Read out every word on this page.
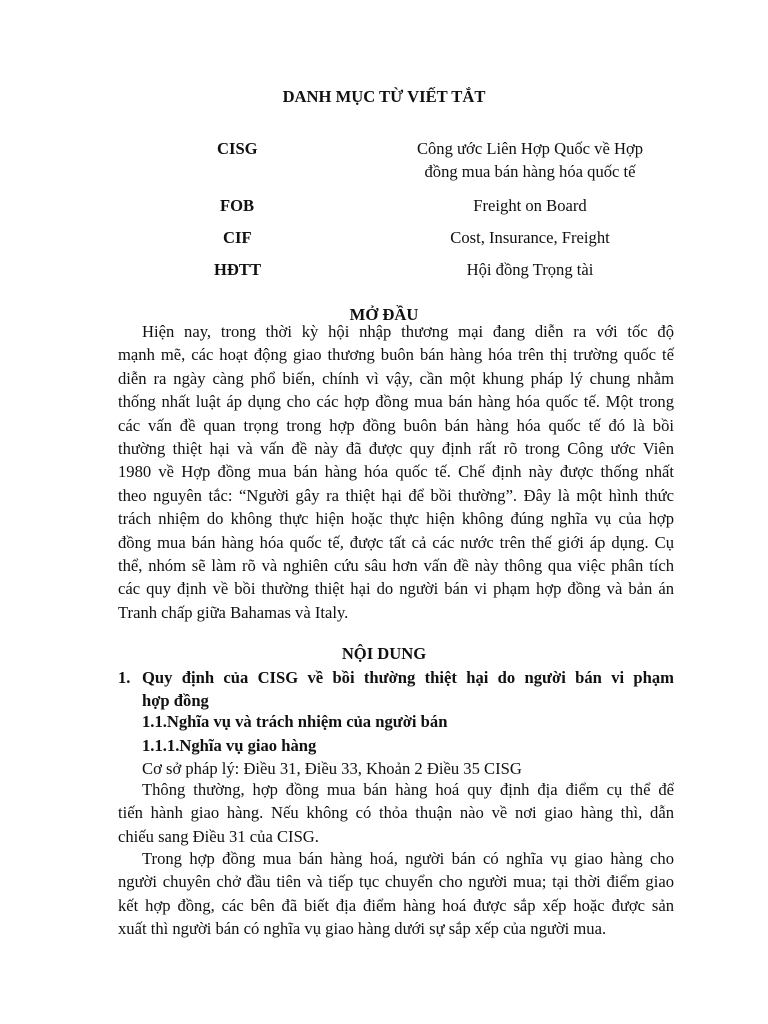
DANH MỤC TỪ VIẾT TẮT
CISG	Công ước Liên Hợp Quốc về Hợp
đồng mua bán hàng hóa quốc tế
FOB	Freight on Board
CIF	Cost, Insurance, Freight
HĐTT	Hội đồng Trọng tài
MỞ ĐẦU
Hiện nay, trong thời kỳ hội nhập thương mại đang diễn ra với tốc độ
mạnh mẽ, các hoạt động giao thương buôn bán hàng hóa trên thị trường quốc tế
diễn ra ngày càng phổ biến, chính vì vậy, cần một khung pháp lý chung nhằm
thống nhất luật áp dụng cho các hợp đồng mua bán hàng hóa quốc tế. Một trong
các vấn đề quan trọng trong hợp đồng buôn bán hàng hóa quốc tế đó là bồi
thường thiệt hại và vấn đề này đã được quy định rất rõ trong Công ước Viên
1980 về Hợp đồng mua bán hàng hóa quốc tế. Chế định này được thống nhất
theo nguyên tắc: “Người gây ra thiệt hại để bồi thường”. Đây là một hình thức
trách nhiệm do không thực hiện hoặc thực hiện không đúng nghĩa vụ của hợp
đồng mua bán hàng hóa quốc tế, được tất cả các nước trên thế giới áp dụng. Cụ
thể, nhóm sẽ làm rõ và nghiên cứu sâu hơn vấn đề này thông qua việc phân tích
các quy định về bồi thường thiệt hại do người bán vi phạm hợp đồng và bản án
Tranh chấp giữa Bahamas và Italy.
NỘI DUNG
1. Quy định của CISG về bồi thường thiệt hại do người bán vi phạm
hợp đồng
1.1.Nghĩa vụ và trách nhiệm của người bán
1.1.1.Nghĩa vụ giao hàng
Cơ sở pháp lý: Điều 31, Điều 33, Khoản 2 Điều 35 CISG
Thông thường, hợp đồng mua bán hàng hoá quy định địa điểm cụ thể để
tiến hành giao hàng. Nếu không có thỏa thuận nào về nơi giao hàng thì, dẫn
chiếu sang Điều 31 của CISG.
Trong hợp đồng mua bán hàng hoá, người bán có nghĩa vụ giao hàng cho
người chuyên chở đầu tiên và tiếp tục chuyển cho người mua; tại thời điểm giao
kết hợp đồng, các bên đã biết địa điểm hàng hoá được sắp xếp hoặc được sản
xuất thì người bán có nghĩa vụ giao hàng dưới sự sắp xếp của người mua.
